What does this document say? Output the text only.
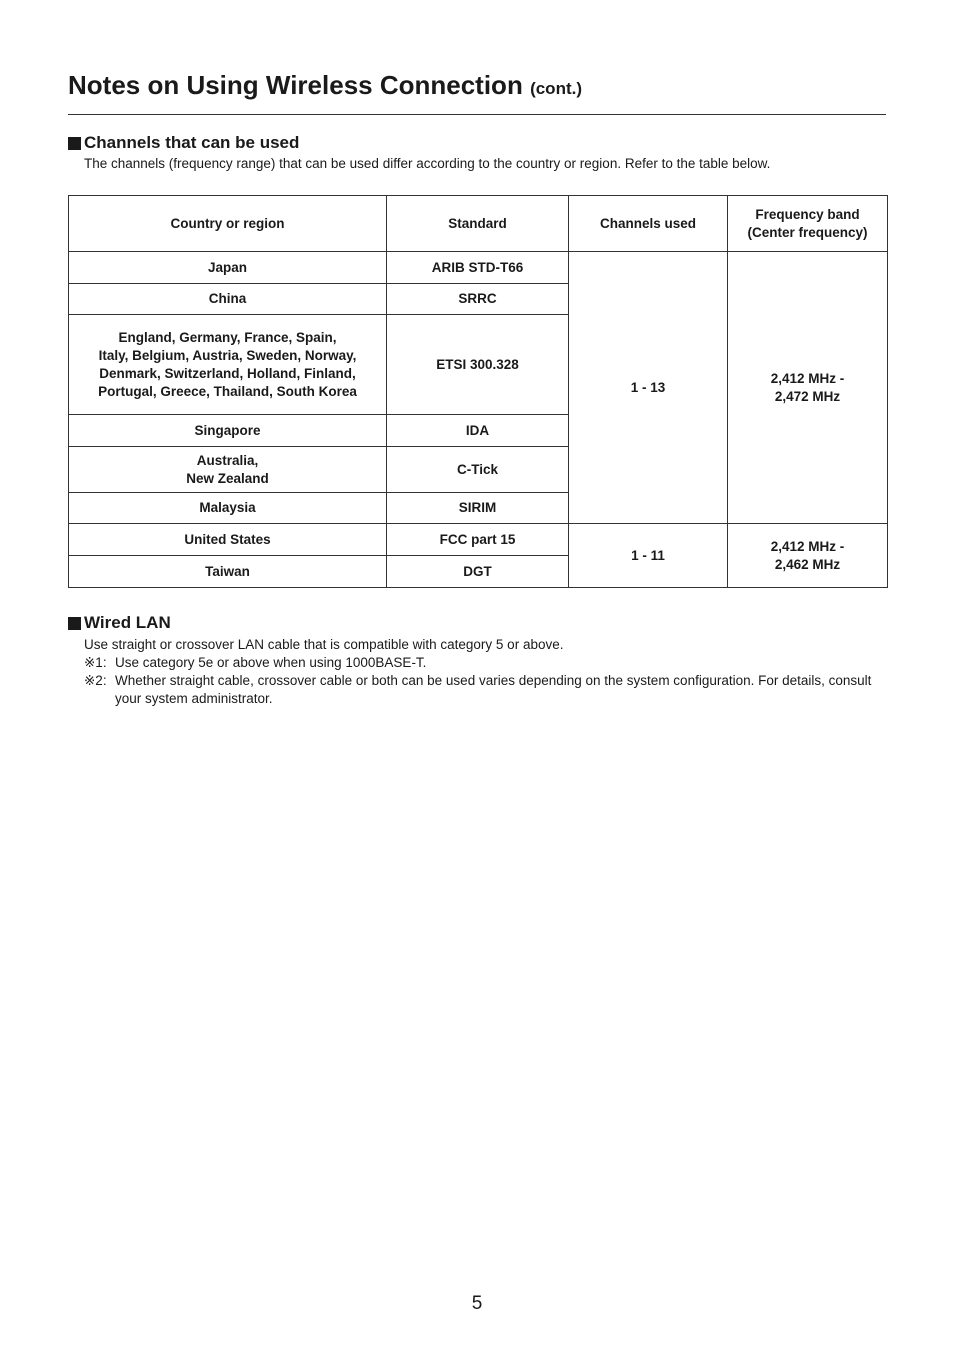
Notes on Using Wireless Connection (cont.)
Channels that can be used

The channels (frequency range) that can be used differ according to the country or region. Refer to the table below.

Country or region	Standard	Channels used	Frequency band
(Center frequency)
Japan	ARIB STD-T66	1 - 13	2,412 MHz -
2,472 MHz
China	SRRC		
England, Germany, France, Spain,
Italy, Belgium, Austria, Sweden, Norway,
Denmark, Switzerland, Holland, Finland,
Portugal, Greece, Thailand, South Korea	ETSI 300.328		
Singapore	IDA		
Australia,
New Zealand	C-Tick		
Malaysia	SIRIM		
United States	FCC part 15	1 - 11	2,412 MHz -
2,462 MHz
Taiwan	DGT		
Wired LAN

Use straight or crossover LAN cable that is compatible with category 5 or above.

※1: Use category 5e or above when using 1000BASE-T.
※2: Whether straight cable, crossover cable or both can be used varies depending on the system configuration. For details, consult your system administrator.
5
